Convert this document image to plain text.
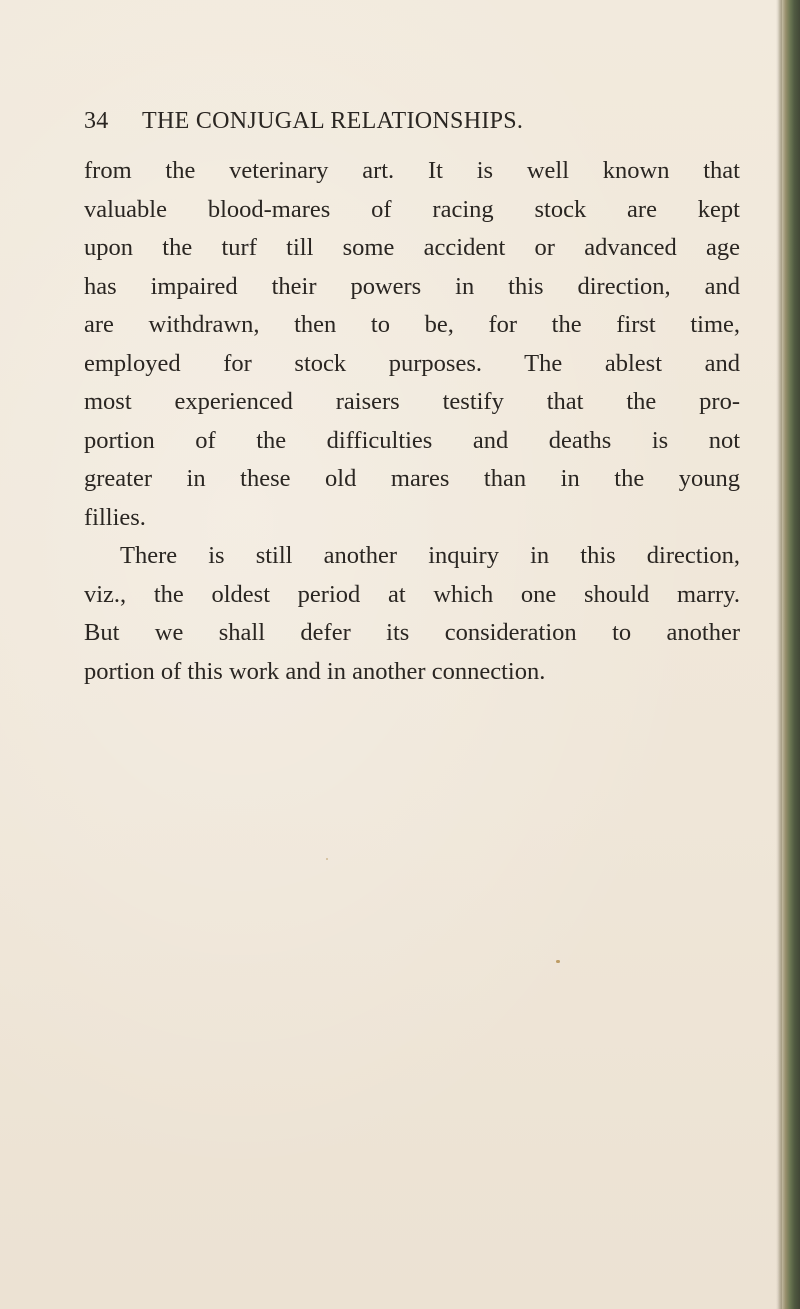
34 THE CONJUGAL RELATIONSHIPS.
from the veterinary art. It is well known that
valuable blood-mares of racing stock are kept
upon the turf till some accident or advanced age
has impaired their powers in this direction, and
are withdrawn, then to be, for the first time,
employed for stock purposes. The ablest and
most experienced raisers testify that the pro-
portion of the difficulties and deaths is not
greater in these old mares than in the young
fillies.
There is still another inquiry in this direction,
viz., the oldest period at which one should marry.
But we shall defer its consideration to another
portion of this work and in another connection.
